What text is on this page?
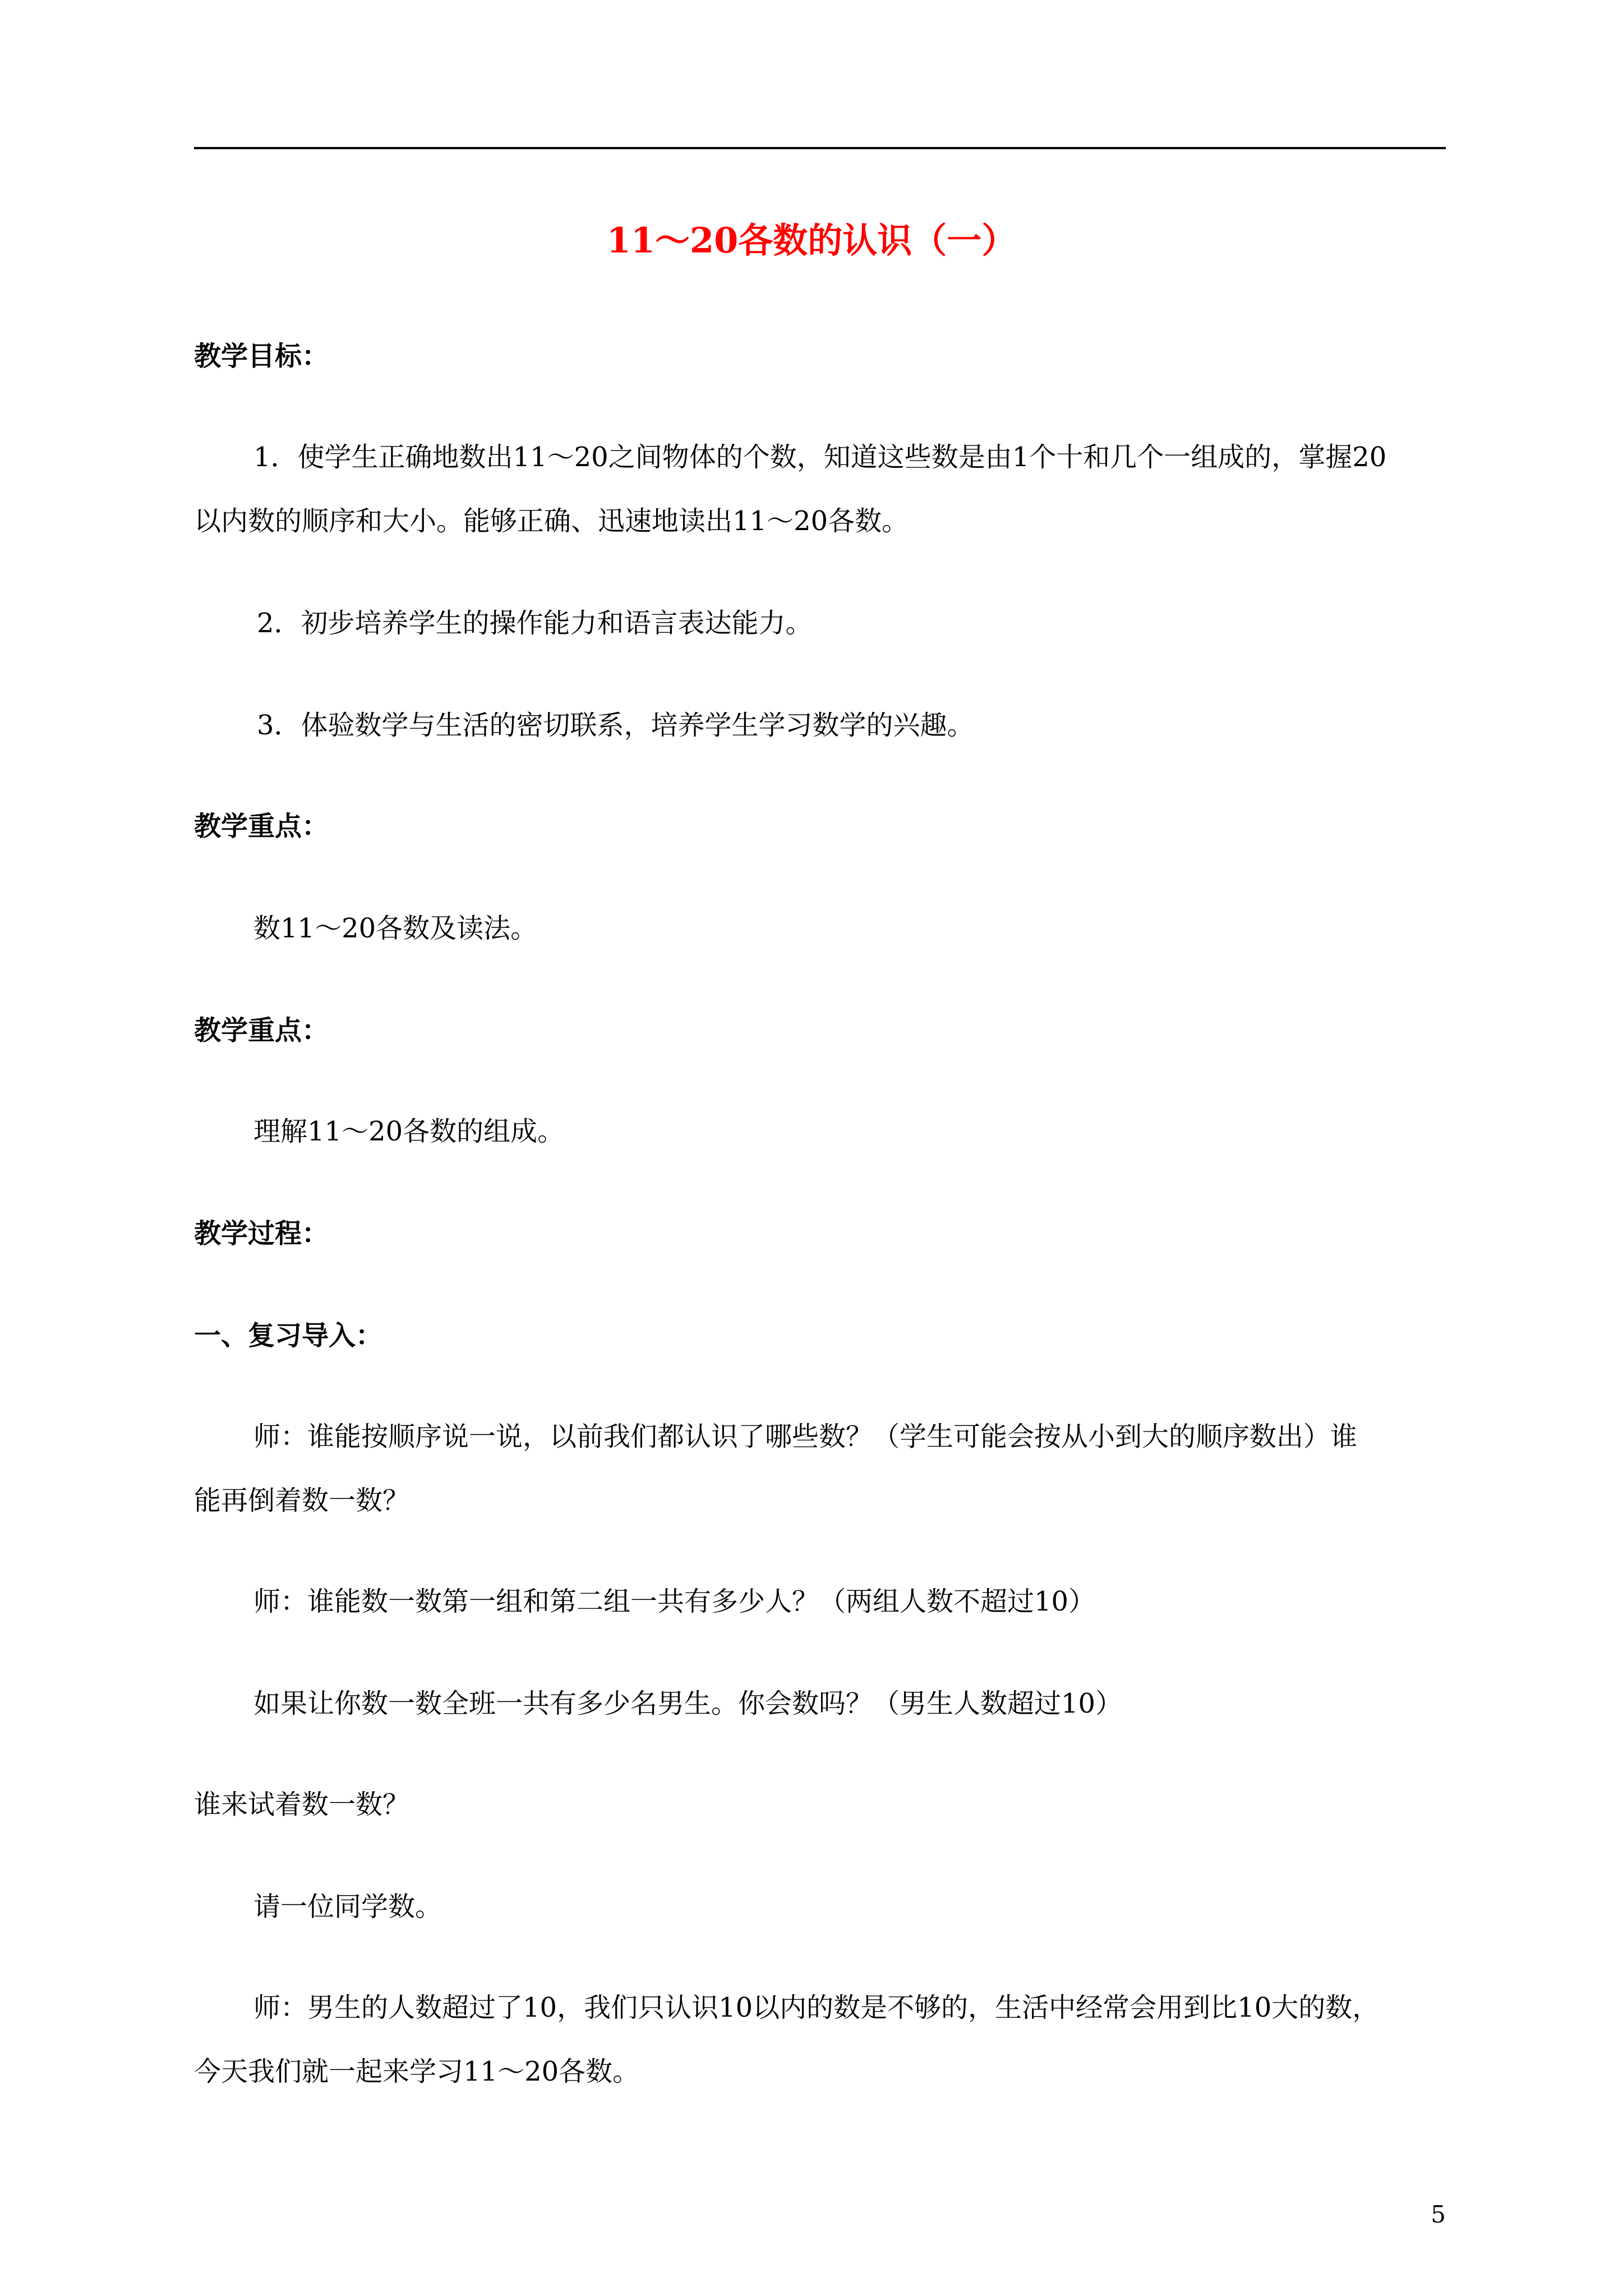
11～20各数的认识（一）
教学目标：
1．使学生正确地数出11～20之间物体的个数，知道这些数是由1个十和几个一组成的，掌握20
以内数的顺序和大小。能够正确、迅速地读出11～20各数。
2．初步培养学生的操作能力和语言表达能力。
3．体验数学与生活的密切联系，培养学生学习数学的兴趣。
教学重点：
数11～20各数及读法。
教学重点：
理解11～20各数的组成。
教学过程：
一、复习导入：
师：谁能按顺序说一说，以前我们都认识了哪些数？（学生可能会按从小到大的顺序数出）谁
能再倒着数一数？
师：谁能数一数第一组和第二组一共有多少人？（两组人数不超过10）
如果让你数一数全班一共有多少名男生。你会数吗？（男生人数超过10）
谁来试着数一数？
请一位同学数。
师：男生的人数超过了10，我们只认识10以内的数是不够的，生活中经常会用到比10大的数，
今天我们就一起来学习11～20各数。
5
